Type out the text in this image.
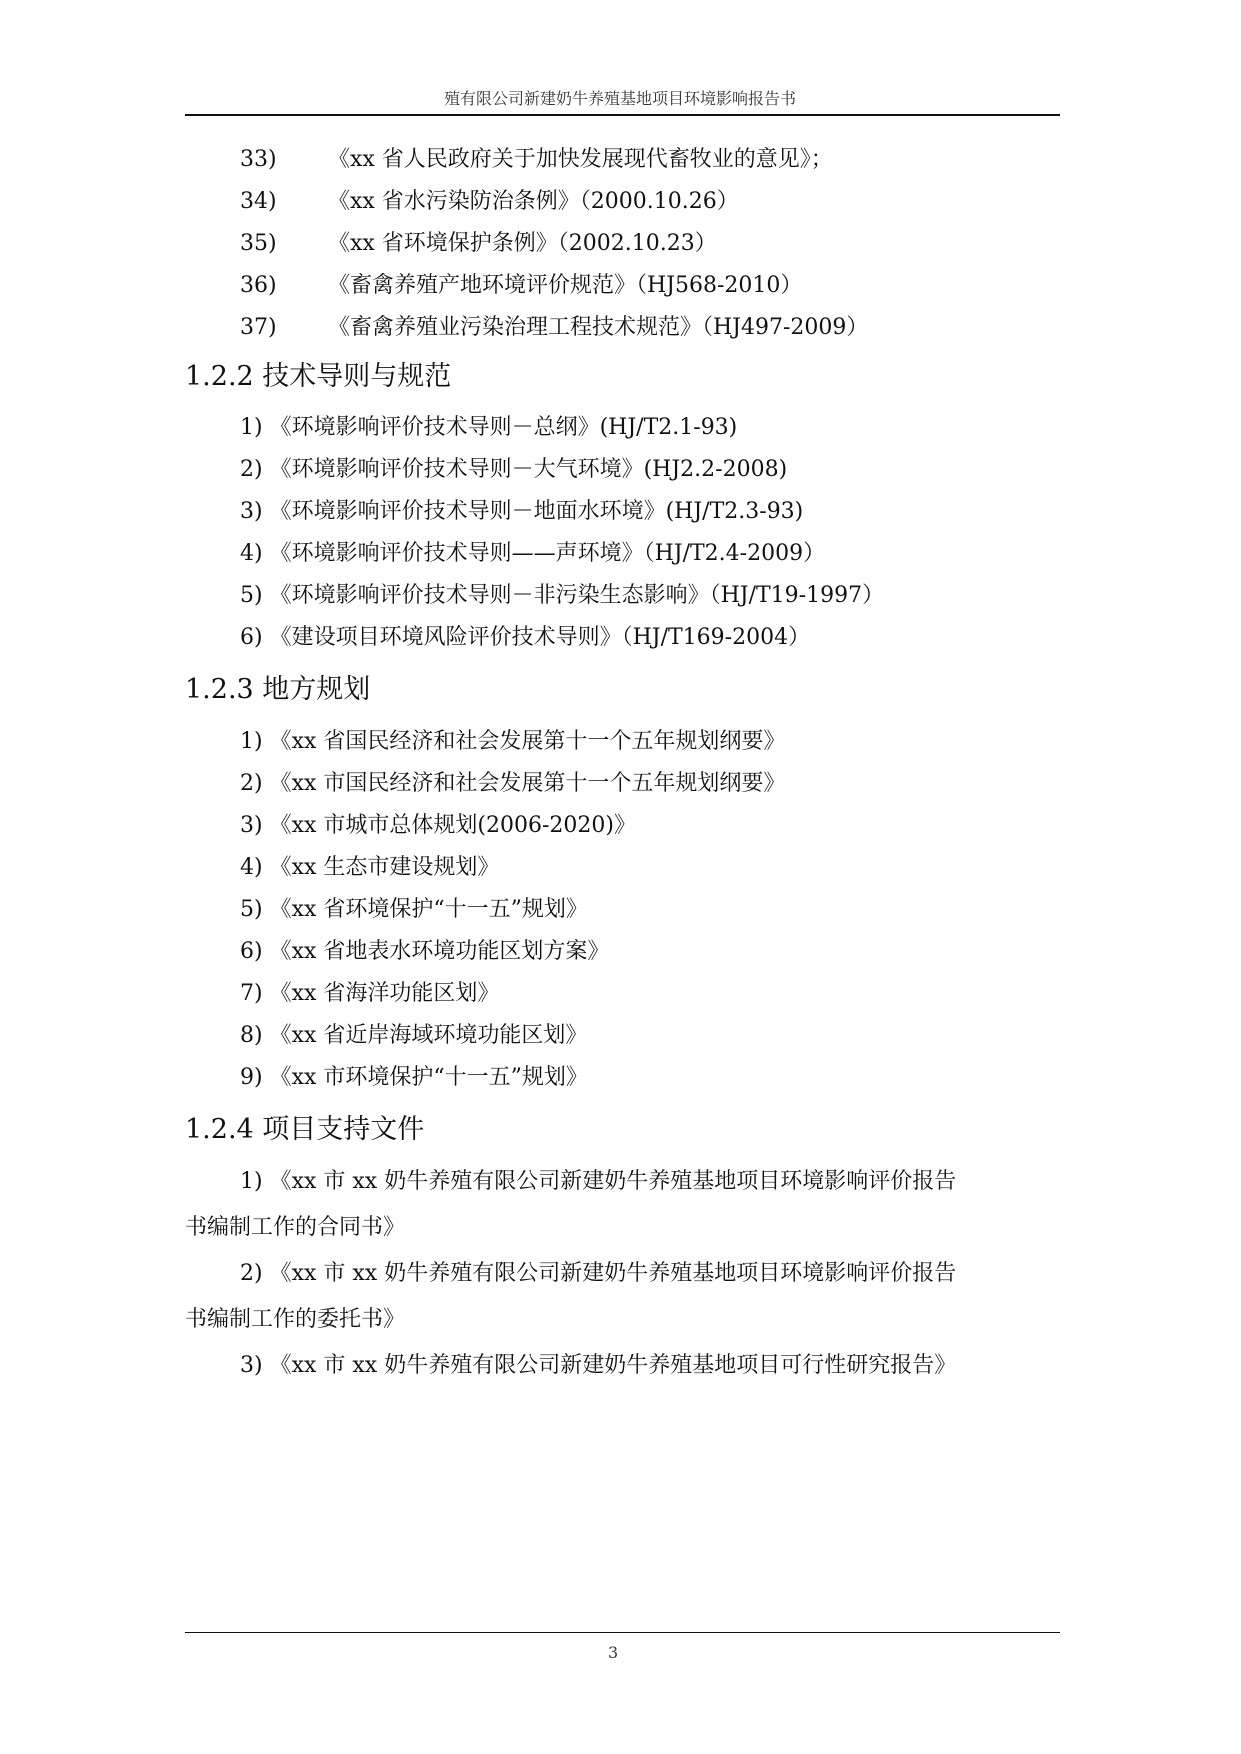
殖有限公司新建奶牛养殖基地项目环境影响报告书
33) 《xx 省人民政府关于加快发展现代畜牧业的意见》；
34) 《xx 省水污染防治条例》（2000.10.26）
35) 《xx 省环境保护条例》（2002.10.23）
36) 《畜禽养殖产地环境评价规范》（HJ568-2010）
37) 《畜禽养殖业污染治理工程技术规范》（HJ497-2009）
1.2.2 技术导则与规范
1) 《环境影响评价技术导则－总纲》(HJ/T2.1-93)
2) 《环境影响评价技术导则－大气环境》(HJ2.2-2008)
3) 《环境影响评价技术导则－地面水环境》(HJ/T2.3-93)
4) 《环境影响评价技术导则——声环境》（HJ/T2.4-2009）
5) 《环境影响评价技术导则－非污染生态影响》（HJ/T19-1997）
6) 《建设项目环境风险评价技术导则》（HJ/T169-2004）
1.2.3 地方规划
1) 《xx 省国民经济和社会发展第十一个五年规划纲要》
2) 《xx 市国民经济和社会发展第十一个五年规划纲要》
3) 《xx 市城市总体规划(2006-2020)》
4) 《xx 生态市建设规划》
5) 《xx 省环境保护“十一五”规划》
6) 《xx 省地表水环境功能区划方案》
7) 《xx 省海洋功能区划》
8) 《xx 省近岸海域环境功能区划》
9) 《xx 市环境保护“十一五”规划》
1.2.4 项目支持文件
1) 《xx 市 xx 奶牛养殖有限公司新建奶牛养殖基地项目环境影响评价报告
书编制工作的合同书》
2) 《xx 市 xx 奶牛养殖有限公司新建奶牛养殖基地项目环境影响评价报告
书编制工作的委托书》
3) 《xx 市 xx 奶牛养殖有限公司新建奶牛养殖基地项目可行性研究报告》
3
